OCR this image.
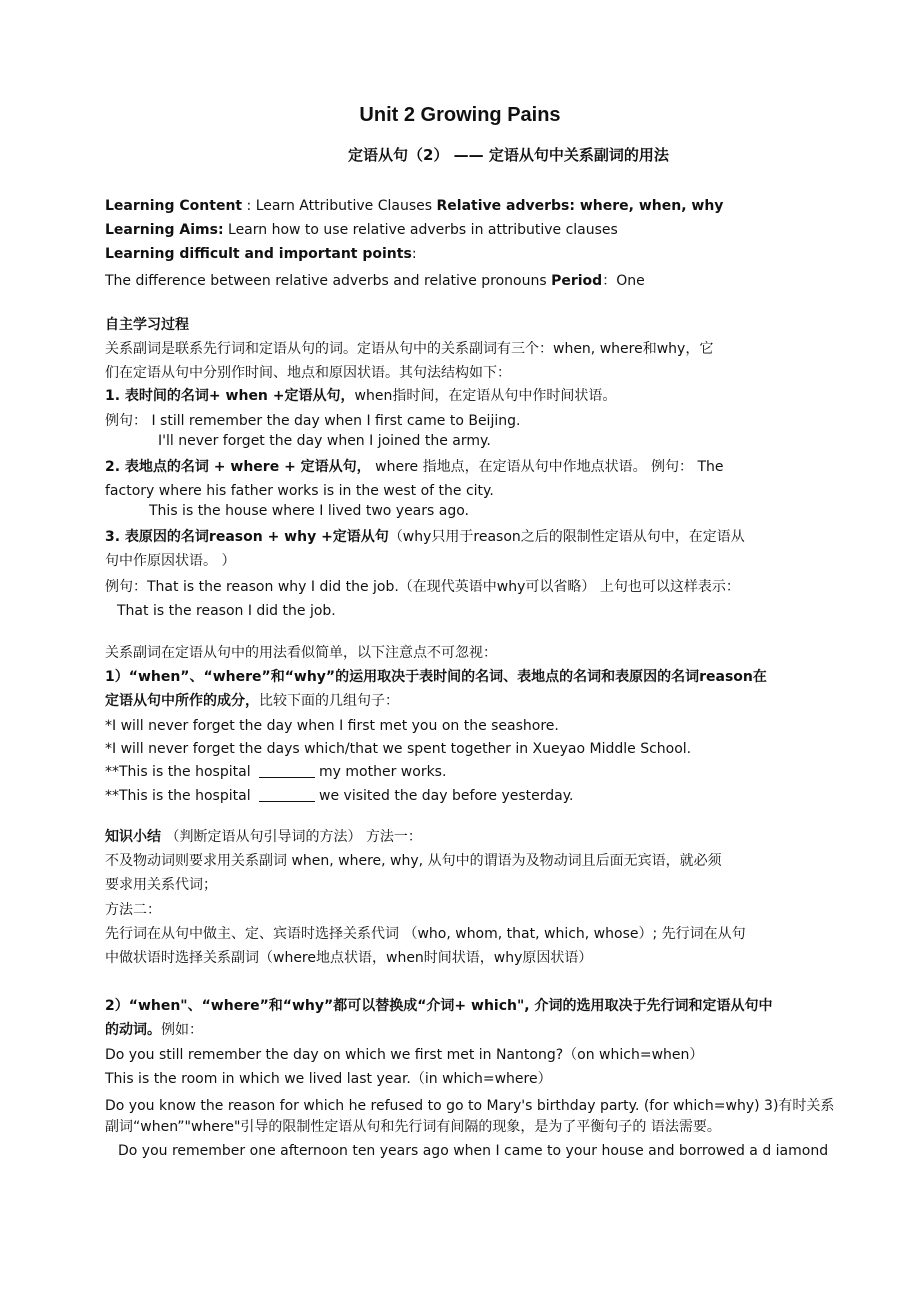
Unit 2 Growing Pains
定语从句（2） —— 定语从句中关系副词的用法
Learning Content : Learn Attributive Clauses Relative adverbs: where, when, why
Learning Aims: Learn how to use relative adverbs in attributive clauses
Learning difficult and important points:
The difference between relative adverbs and relative pronouns Period：One
自主学习过程
关系副词是联系先行词和定语从句的词。定语从句中的关系副词有三个：when, where和why，它
们在定语从句中分别作时间、地点和原因状语。其句法结构如下：
1. 表时间的名词+ when +定语从句，when指时间，在定语从句中作时间状语。
例句： I still remember the day when I first came to Beijing.
I'll never forget the day when I joined the army.
2. 表地点的名词 + where + 定语从句， where 指地点，在定语从句中作地点状语。 例句： The
factory where his father works is in the west of the city.
This is the house where I lived two years ago.
3. 表原因的名词reason + why +定语从句（why只用于reason之后的限制性定语从句中，在定语从
句中作原因状语。 ）
例句：That is the reason why I did the job.（在现代英语中why可以省略） 上句也可以这样表示：
That is the reason I did the job.
关系副词在定语从句中的用法看似简单，以下注意点不可忽视：
1）“when”、“where”和“why”的运用取决于表时间的名词、表地点的名词和表原因的名词reason在
定语从句中所作的成分，比较下面的几组句子：
*I will never forget the day when I first met you on the seashore.
*I will never forget the days which/that we spent together in Xueyao Middle School.
**This is the hospital	my mother works.
**This is the hospital	we visited the day before yesterday.
知识小结 （判断定语从句引导词的方法） 方法一：
不及物动词则要求用关系副词 when, where, why, 从句中的谓语为及物动词且后面无宾语，就必须
要求用关系代词；
方法二：
先行词在从句中做主、定、宾语时选择关系代词 （who, whom, that, which, whose）; 先行词在从句
中做状语时选择关系副词（where地点状语，when时间状语，why原因状语）
2）“when"、“where”和“why”都可以替换成“介词+ which", 介词的选用取决于先行词和定语从句中
的动词。例如：
Do you still remember the day on which we first met in Nantong?（on which=when）
This is the room in which we lived last year.（in which=where）
Do you know the reason for which he refused to go to Mary's birthday party. (for which=why) 3)有时关系
副词“when”"where"引导的限制性定语从句和先行词有间隔的现象，是为了平衡句子的 语法需要。
Do you remember one afternoon ten years ago when I came to your house and borrowed a d iamond
